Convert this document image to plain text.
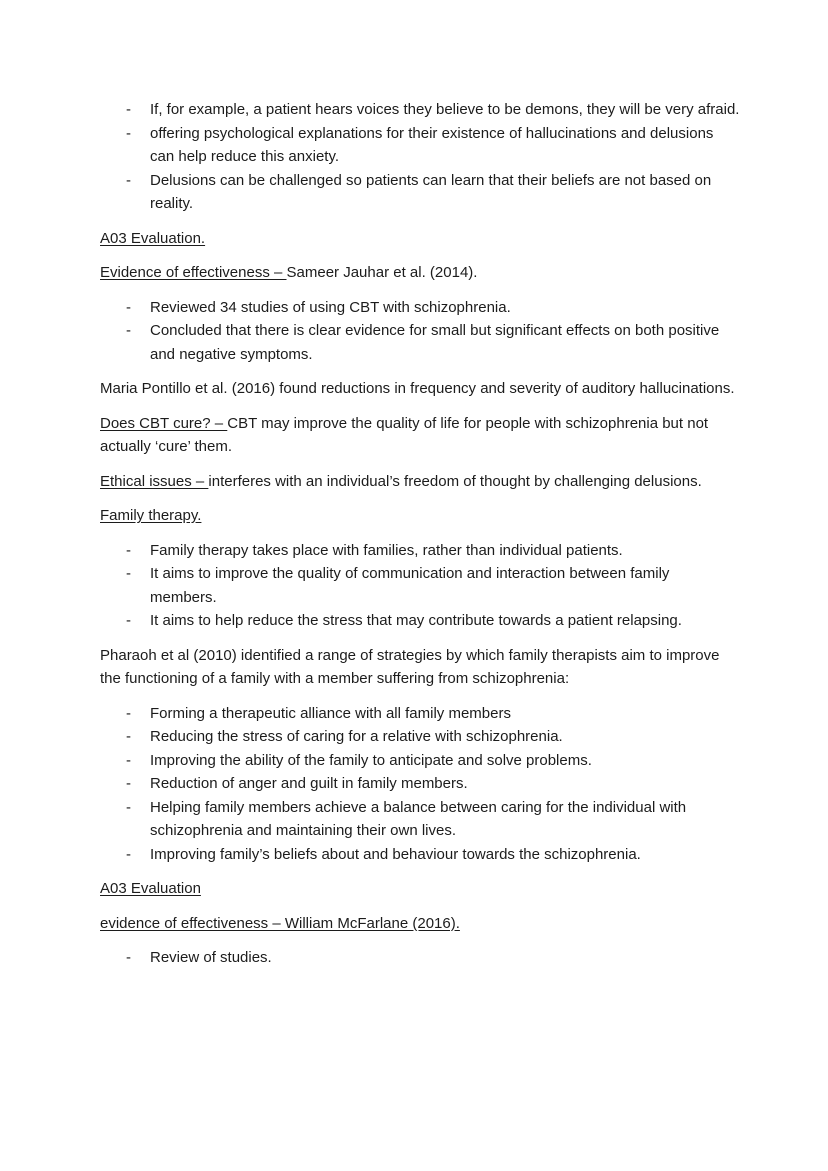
- If, for example, a patient hears voices they believe to be demons, they will be very afraid.
- offering psychological explanations for their existence of hallucinations and delusions can help reduce this anxiety.
- Delusions can be challenged so patients can learn that their beliefs are not based on reality.

A03 Evaluation.

Evidence of effectiveness – Sameer Jauhar et al. (2014).

- Reviewed 34 studies of using CBT with schizophrenia.
- Concluded that there is clear evidence for small but significant effects on both positive and negative symptoms.

Maria Pontillo et al. (2016) found reductions in frequency and severity of auditory hallucinations.

Does CBT cure? – CBT may improve the quality of life for people with schizophrenia but not actually ‘cure’ them.

Ethical issues – interferes with an individual’s freedom of thought by challenging delusions.

Family therapy.

- Family therapy takes place with families, rather than individual patients.
- It aims to improve the quality of communication and interaction between family members.
- It aims to help reduce the stress that may contribute towards a patient relapsing.

Pharaoh et al (2010) identified a range of strategies by which family therapists aim to improve the functioning of a family with a member suffering from schizophrenia:

- Forming a therapeutic alliance with all family members
- Reducing the stress of caring for a relative with schizophrenia.
- Improving the ability of the family to anticipate and solve problems.
- Reduction of anger and guilt in family members.
- Helping family members achieve a balance between caring for the individual with schizophrenia and maintaining their own lives.
- Improving family’s beliefs about and behaviour towards the schizophrenia.

A03 Evaluation

evidence of effectiveness – William McFarlane (2016).

- Review of studies.
